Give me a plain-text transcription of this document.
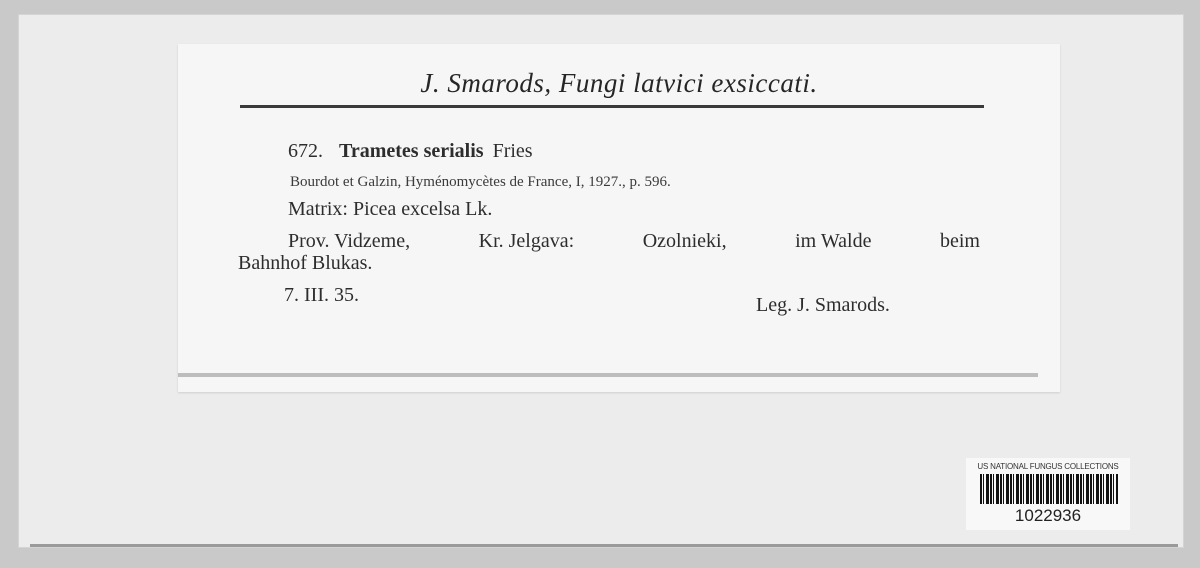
J. Smarods, Fungi latvici exsiccati.
672. Trametes serialis Fries
Bourdot et Galzin, Hyménomycètes de France, I, 1927., p. 596.
Matrix: Picea excelsa Lk.
Prov. Vidzeme,	Kr. Jelgava:	Ozolnieki,	im Walde	beim
Bahnhof Blukas.
7. III. 35.	Leg. J. Smarods.
US NATIONAL FUNGUS COLLECTIONS
1022936
